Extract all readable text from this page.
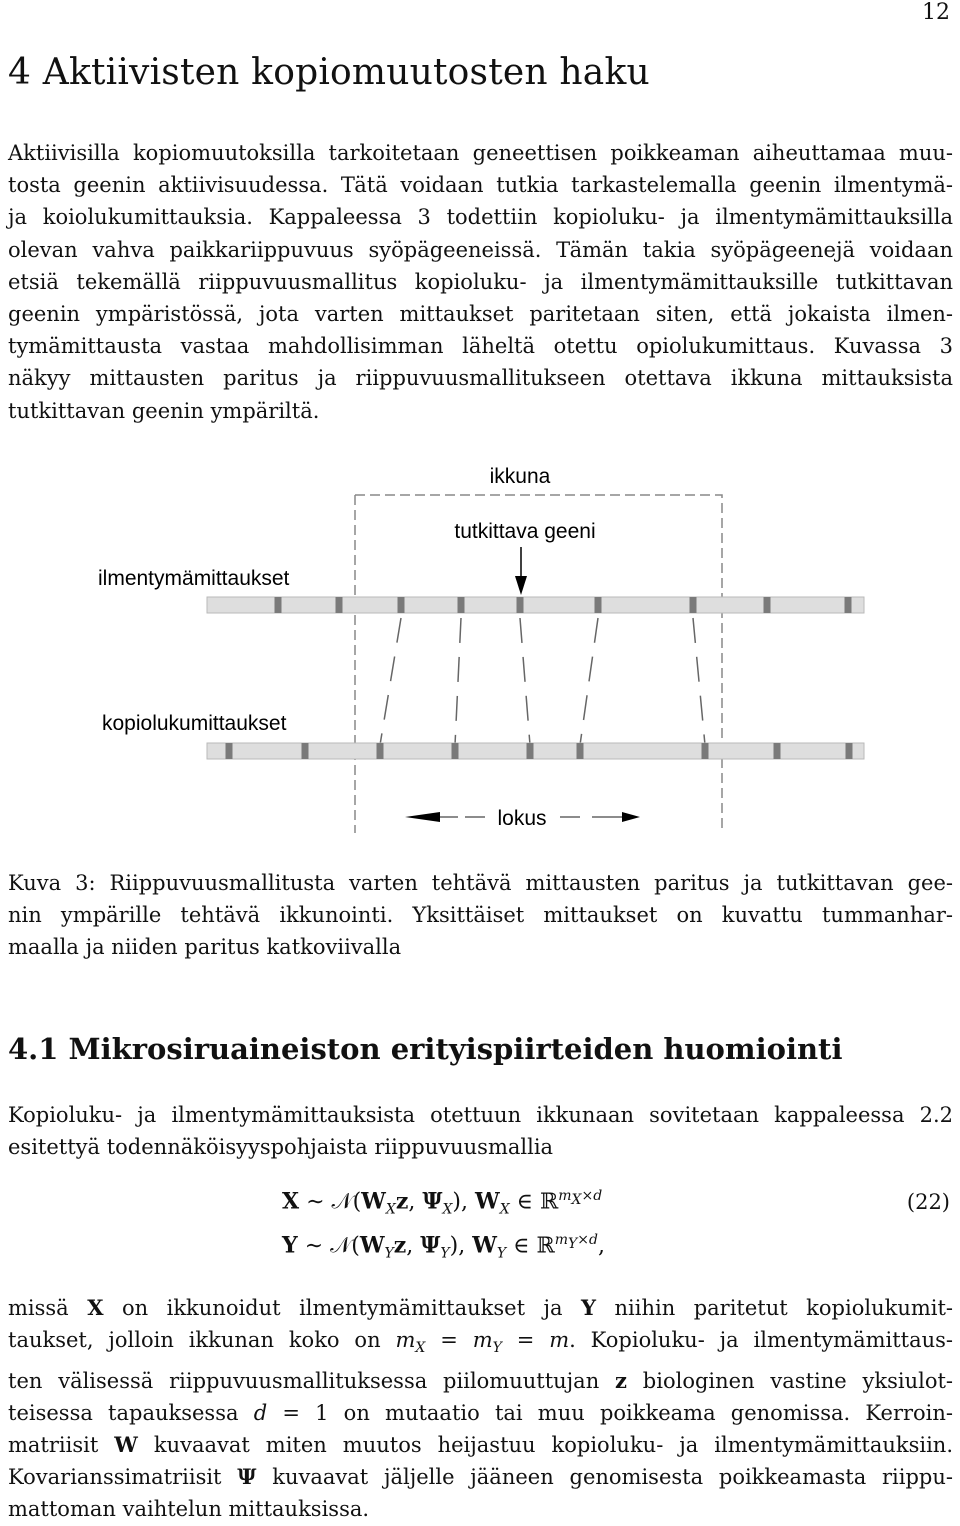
12
4 Aktiivisten kopiomuutosten haku
Aktiivisilla kopiomuutoksilla tarkoitetaan geneettisen poikkeaman aiheuttamaa muu-
tosta geenin aktiivisuudessa. Tätä voidaan tutkia tarkastelemalla geenin ilmentymä-
ja koiolukumittauksia. Kappaleessa 3 todettiin kopioluku- ja ilmentymämittauksilla
olevan vahva paikkariippuvuus syöpägeeneissä. Tämän takia syöpägeenejä voidaan
etsiä tekemällä riippuvuusmallitus kopioluku- ja ilmentymämittauksille tutkittavan
geenin ympäristössä, jota varten mittaukset paritetaan siten, että jokaista ilmen-
tymämittausta vastaa mahdollisimman läheltä otettu opiolukumittaus. Kuvassa 3
näkyy mittausten paritus ja riippuvuusmallitukseen otettava ikkuna mittauksista
tutkittavan geenin ympäriltä.
ikkuna
tutkittava geeni
ilmentymämittaukset
kopiolukumittaukset
lokus
Kuva 3: Riippuvuusmallitusta varten tehtävä mittausten paritus ja tutkittavan gee-
nin ympärille tehtävä ikkunointi. Yksittäiset mittaukset on kuvattu tummanhar-
maalla ja niiden paritus katkoviivalla
4.1 Mikrosiruaineiston erityispiirteiden huomiointi
Kopioluku- ja ilmentymämittauksista otettuun ikkunaan sovitetaan kappaleessa 2.2
esitettyä todennäköisyyspohjaista riippuvuusmallia
X ∼ $𝒩(W_Xz$, $\Psi_X$), $W_X$ ∈ ℝ$^{m_X\times d}$
Y ∼ $𝒩(W_Yz$, $\Psi_Y$), $W_Y$ ∈ ℝ$^{m_Y\times d}$,
(22)
missä X on ikkunoidut ilmentymämittaukset ja Y niihin paritetut kopiolukumit-
taukset, jolloin ikkunan koko on $m_X = m_Y = m$. Kopioluku- ja ilmentymämittaus-
ten välisessä riippuvuusmallituksessa piilomuuttujan z biologinen vastine yksiulot-
teisessa tapauksessa d = 1 on mutaatio tai muu poikkeama genomissa. Kerroin-
matriisit W kuvaavat miten muutos heijastuu kopioluku- ja ilmentymämittauksiin.
Kovarianssimatriisit Ψ kuvaavat jäljelle jääneen genomisesta poikkeamasta riippu-
mattoman vaihtelun mittauksissa.
